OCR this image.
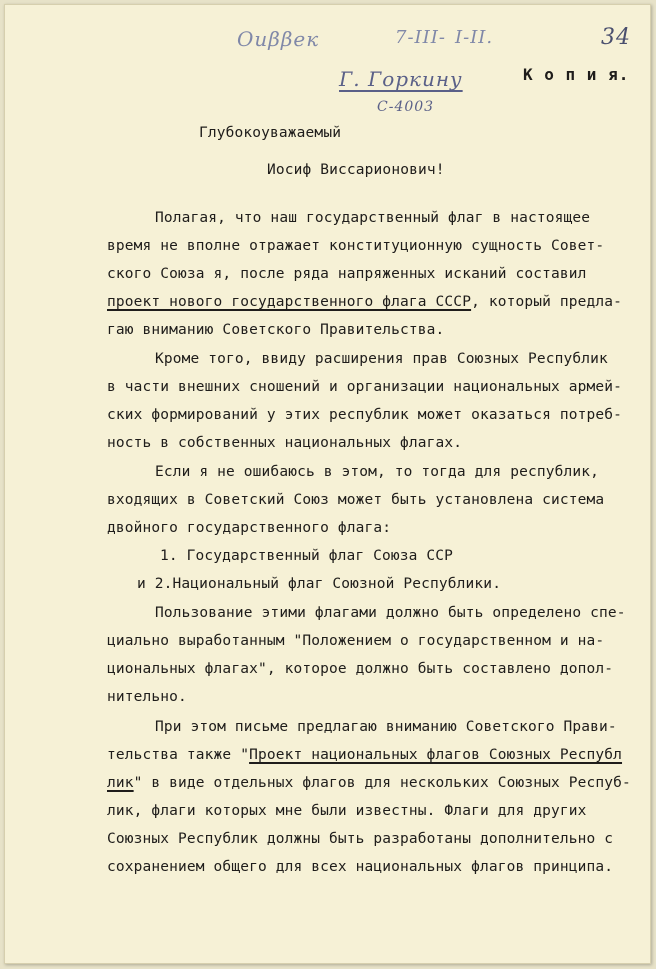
Оиββек	7-III- I-II.	34
Г. Горкину
С-4003
К о п и я.
Глубокоуважаемый
Иосиф Виссарионович!
Полагая, что наш государственный флаг в настоящее
время не вполне отражает конституционную сущность Совет-
ского Союза я, после ряда напряженных исканий составил
проект нового государственного флага СССР, который предла-
гаю вниманию Советского Правительства.
Кроме того, ввиду расширения прав Союзных Республик
в части внешних сношений и организации национальных армей-
ских формирований у этих республик может оказаться потреб-
ность в собственных национальных флагах.
Если я не ошибаюсь в этом, то тогда для республик,
входящих в Советский Союз может быть установлена система
двойного государственного флага:
1. Государственный флаг Союза ССР
и 2.Национальный флаг Союзной Республики.
Пользование этими флагами должно быть определено спе-
циально выработанным "Положением о государственном и на-
циональных флагах", которое должно быть составлено допол-
нительно.
При этом письме предлагаю вниманию Советского Прави-
тельства также "Проект национальных флагов Союзных Республ
лик" в виде отдельных флагов для нескольких Союзных Респуб-
лик, флаги которых мне были известны. Флаги для других
Союзных Республик должны быть разработаны дополнительно с
сохранением общего для всех национальных флагов принципа.
